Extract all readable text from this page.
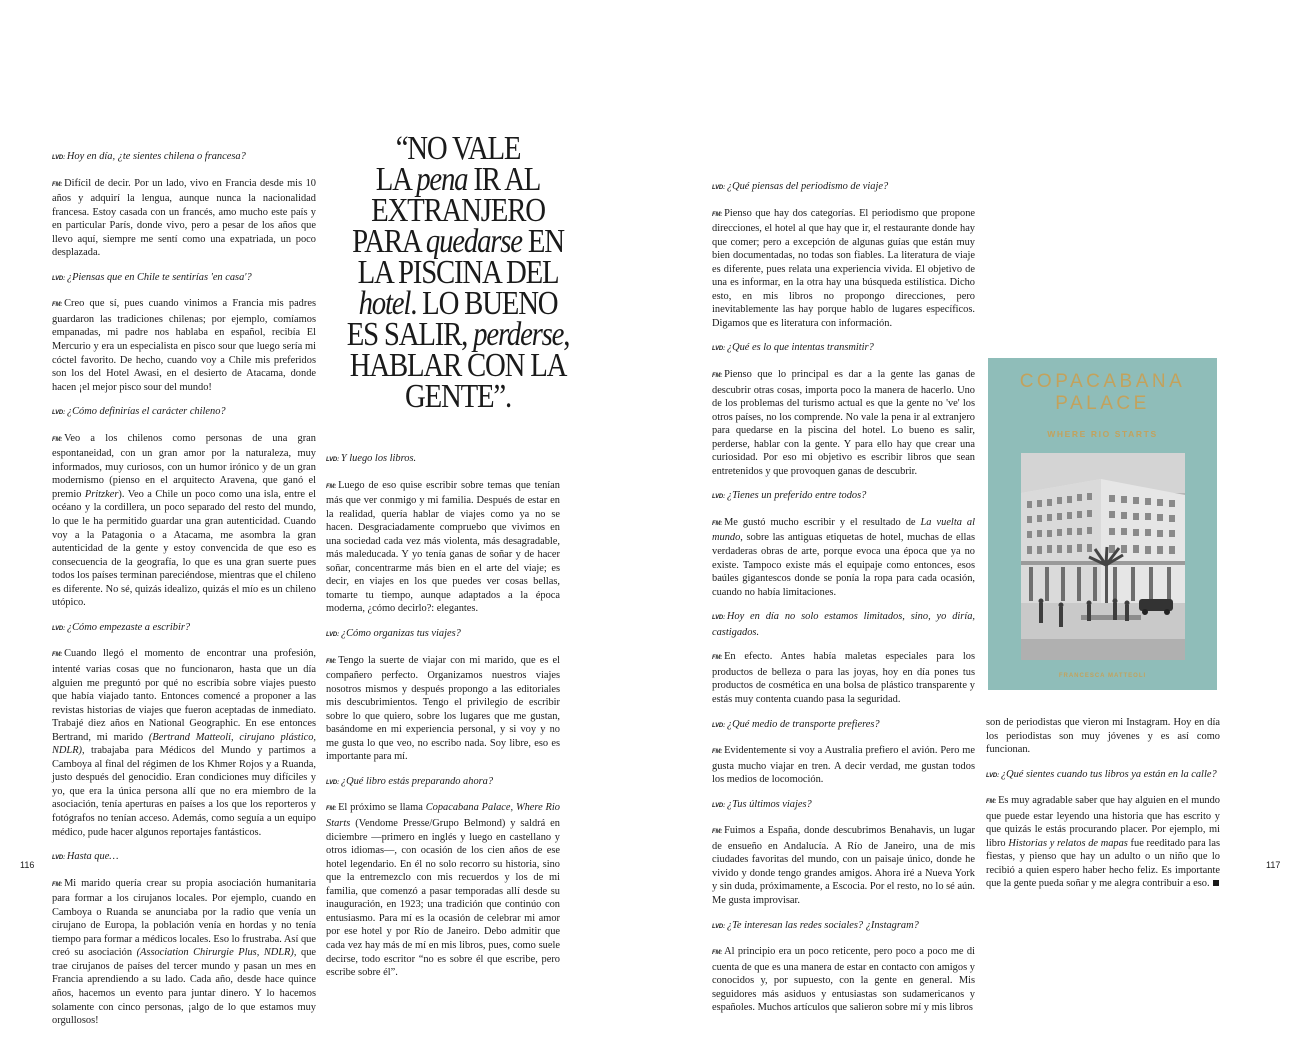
LVD: Hoy en día, ¿te sientes chilena o francesa?

FM: Difícil de decir. Por un lado, vivo en Francia desde mis 10 años y adquirí la lengua, aunque nunca la nacionalidad francesa. Estoy casada con un francés, amo mucho este país y en particular París, donde vivo, pero a pesar de los años que llevo aquí, siempre me sentí como una expatriada, un poco desplazada.

LVD: ¿Piensas que en Chile te sentirías 'en casa'?

FM: Creo que sí, pues cuando vinimos a Francia mis padres guardaron las tradiciones chilenas; por ejemplo, comíamos empanadas, mi padre nos hablaba en español, recibía El Mercurio y era un especialista en pisco sour que luego sería mi cóctel favorito. De hecho, cuando voy a Chile mis preferidos son los del Hotel Awasi, en el desierto de Atacama, donde hacen ¡el mejor pisco sour del mundo!

LVD: ¿Cómo definirías el carácter chileno?

FM: Veo a los chilenos como personas de una gran espontaneidad, con un gran amor por la naturaleza, muy informados, muy curiosos, con un humor irónico y de un gran modernismo (pienso en el arquitecto Aravena, que ganó el premio Pritzker). Veo a Chile un poco como una isla, entre el océano y la cordillera, un poco separado del resto del mundo, lo que le ha permitido guardar una gran autenticidad. Cuando voy a la Patagonia o a Atacama, me asombra la gran autenticidad de la gente y estoy convencida de que eso es consecuencia de la geografía, lo que es una gran suerte pues todos los países terminan pareciéndose, mientras que el chileno es diferente. No sé, quizás idealizo, quizás el mío es un chileno utópico.

LVD: ¿Cómo empezaste a escribir?

FM: Cuando llegó el momento de encontrar una profesión, intenté varias cosas que no funcionaron, hasta que un día alguien me preguntó por qué no escribía sobre viajes puesto que había viajado tanto. Entonces comencé a proponer a las revistas historias de viajes que fueron aceptadas de inmediato. Trabajé diez años en National Geographic. En ese entonces Bertrand, mi marido (Bertrand Matteoli, cirujano plástico, NDLR), trabajaba para Médicos del Mundo y partimos a Camboya al final del régimen de los Khmer Rojos y a Ruanda, justo después del genocidio. Eran condiciones muy difíciles y yo, que era la única persona allí que no era miembro de la asociación, tenía aperturas en países a los que los reporteros y fotógrafos no tenían acceso. Además, como seguía a un equipo médico, pude hacer algunos reportajes fantásticos.

LVD: Hasta que…

FM: Mi marido quería crear su propia asociación humanitaria para formar a los cirujanos locales. Por ejemplo, cuando en Camboya o Ruanda se anunciaba por la radio que venía un cirujano de Europa, la población venía en hordas y no tenía tiempo para formar a médicos locales. Eso lo frustraba. Así que creó su asociación (Association Chirurgie Plus, NDLR), que trae cirujanos de países del tercer mundo y pasan un mes en Francia aprendiendo a su lado. Cada año, desde hace quince años, hacemos un evento para juntar dinero. Y lo hacemos solamente con cinco personas, ¡algo de lo que estamos muy orgullosos!

“NO VALE
LA pena IR AL
EXTRANJERO
PARA quedarse EN
LA PISCINA DEL
hotel. LO BUENO
ES SALIR, perderse,
HABLAR CON LA
GENTE”.

LVD: Y luego los libros.

FM: Luego de eso quise escribir sobre temas que tenían más que ver conmigo y mi familia. Después de estar en la realidad, quería hablar de viajes como ya no se hacen. Desgraciadamente compruebo que vivimos en una sociedad cada vez más violenta, más desagradable, más maleducada. Y yo tenía ganas de soñar y de hacer soñar, concentrarme más bien en el arte del viaje; es decir, en viajes en los que puedes ver cosas bellas, tomarte tu tiempo, aunque adaptados a la época moderna, ¿cómo decirlo?: elegantes.

LVD: ¿Cómo organizas tus viajes?

FM: Tengo la suerte de viajar con mi marido, que es el compañero perfecto. Organizamos nuestros viajes nosotros mismos y después propongo a las editoriales mis descubrimientos. Tengo el privilegio de escribir sobre lo que quiero, sobre los lugares que me gustan, basándome en mi experiencia personal, y si voy y no me gusta lo que veo, no escribo nada. Soy libre, eso es importante para mí.

LVD: ¿Qué libro estás preparando ahora?

FM: El próximo se llama Copacabana Palace, Where Rio Starts (Vendome Presse/Grupo Belmond) y saldrá en diciembre —primero en inglés y luego en castellano y otros idiomas—, con ocasión de los cien años de ese hotel legendario. En él no solo recorro su historia, sino que la entremezclo con mis recuerdos y los de mi familia, que comenzó a pasar temporadas allí desde su inauguración, en 1923; una tradición que continúo con entusiasmo. Para mí es la ocasión de celebrar mi amor por ese hotel y por Río de Janeiro. Debo admitir que cada vez hay más de mí en mis libros, pues, como suele decirse, todo escritor “no es sobre él que escribe, pero escribe sobre él”.

LVD: ¿Qué piensas del periodismo de viaje?

FM: Pienso que hay dos categorías. El periodismo que propone direcciones, el hotel al que hay que ir, el restaurante donde hay que comer; pero a excepción de algunas guías que están muy bien documentadas, no todas son fiables. La literatura de viaje es diferente, pues relata una experiencia vivida. El objetivo de una es informar, en la otra hay una búsqueda estilística. Dicho esto, en mis libros no propongo direcciones, pero inevitablemente las hay porque hablo de lugares específicos. Digamos que es literatura con información.

LVD: ¿Qué es lo que intentas transmitir?

FM: Pienso que lo principal es dar a la gente las ganas de descubrir otras cosas, importa poco la manera de hacerlo. Uno de los problemas del turismo actual es que la gente no 've' los otros países, no los comprende. No vale la pena ir al extranjero para quedarse en la piscina del hotel. Lo bueno es salir, perderse, hablar con la gente. Y para ello hay que crear una curiosidad. Por eso mi objetivo es escribir libros que sean entretenidos y que provoquen ganas de descubrir.

LVD: ¿Tienes un preferido entre todos?

FM: Me gustó mucho escribir y el resultado de La vuelta al mundo, sobre las antiguas etiquetas de hotel, muchas de ellas verdaderas obras de arte, porque evoca una época que ya no existe. Tampoco existe más el equipaje como entonces, esos baúles gigantescos donde se ponía la ropa para cada ocasión, cuando no había limitaciones.

LVD: Hoy en día no solo estamos limitados, sino, yo diría, castigados.

FM: En efecto. Antes había maletas especiales para los productos de belleza o para las joyas, hoy en día pones tus productos de cosmética en una bolsa de plástico transparente y estás muy contenta cuando pasa la seguridad.

LVD: ¿Qué medio de transporte prefieres?

FM: Evidentemente si voy a Australia prefiero el avión. Pero me gusta mucho viajar en tren. A decir verdad, me gustan todos los medios de locomoción.

LVD: ¿Tus últimos viajes?

FM: Fuimos a España, donde descubrimos Benahavis, un lugar de ensueño en Andalucía. A Río de Janeiro, una de mis ciudades favoritas del mundo, con un paisaje único, donde he vivido y donde tengo grandes amigos. Ahora iré a Nueva York y sin duda, próximamente, a Escocia. Por el resto, no lo sé aún. Me gusta improvisar.

LVD: ¿Te interesan las redes sociales? ¿Instagram?

FM: Al principio era un poco reticente, pero poco a poco me di cuenta de que es una manera de estar en contacto con amigos y conocidos y, por supuesto, con la gente en general. Mis seguidores más asiduos y entusiastas son sudamericanos y españoles. Muchos artículos que salieron sobre mí y mis libros

COPACABANA
PALACE
WHERE RIO STARTS
FRANCESCA MATTEOLI

son de periodistas que vieron mi Instagram. Hoy en día los periodistas son muy jóvenes y es así como funcionan.

LVD: ¿Qué sientes cuando tus libros ya están en la calle?

FM: Es muy agradable saber que hay alguien en el mundo que puede estar leyendo una historia que has escrito y que quizás le estás procurando placer. Por ejemplo, mi libro Historias y relatos de mapas fue reeditado para las fiestas, y pienso que hay un adulto o un niño que lo recibió a quien espero haber hecho feliz. Es importante que la gente pueda soñar y me alegra contribuir a eso.

116	117
